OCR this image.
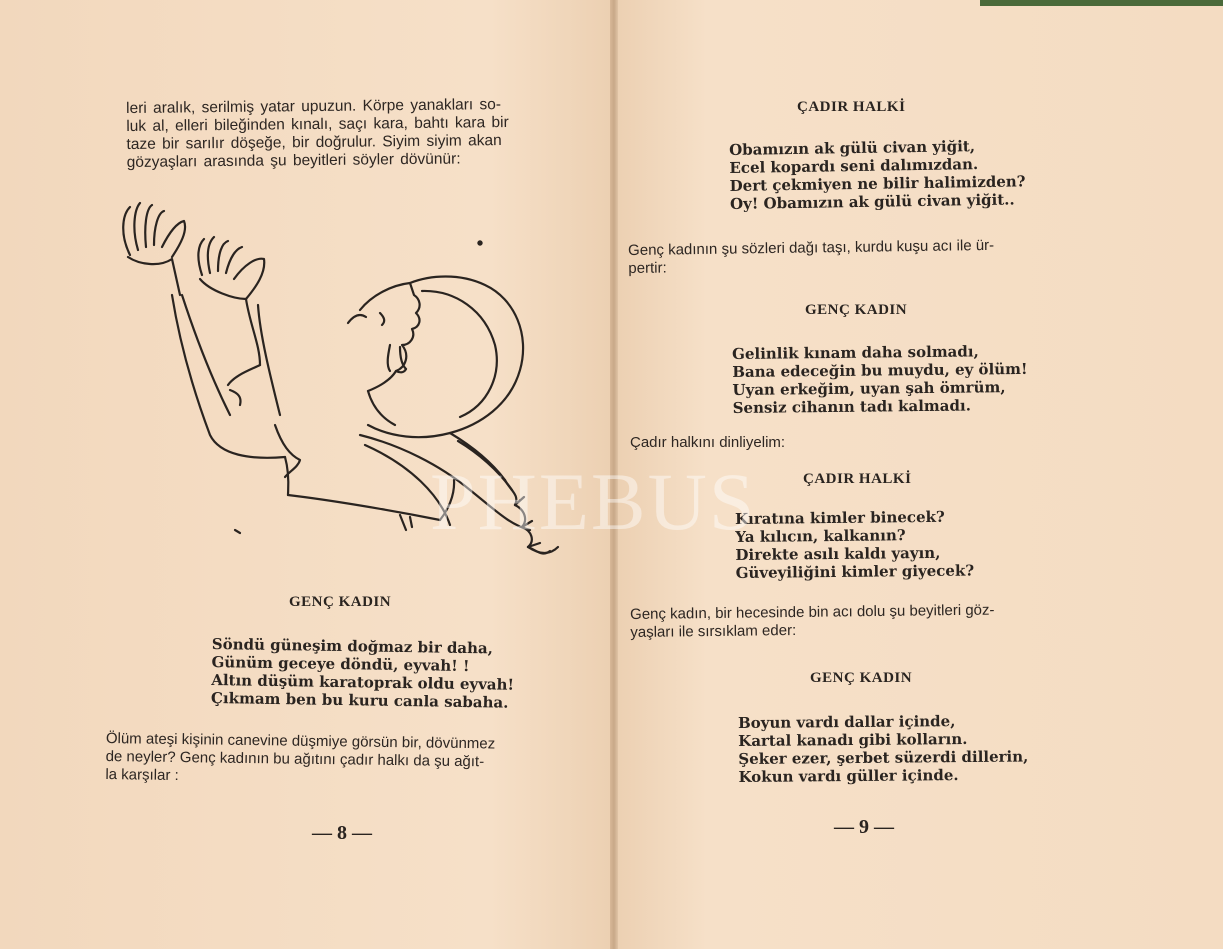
leri aralık, serilmiş yatar upuzun. Körpe yanakları so-
luk al, elleri bileğinden kınalı, saçı kara, bahtı kara bir
taze bir sarılır döşeğe, bir doğrulur. Siyim siyim akan
gözyaşları arasında şu beyitleri söyler dövünür:
GENÇ KADIN
Söndü güneşim doğmaz bir daha,
Günüm geceye döndü, eyvah! !
Altın düşüm karatoprak oldu eyvah!
Çıkmam ben bu kuru canla sabaha.
Ölüm ateşi kişinin canevine düşmiye görsün bir, dövünmez
de neyler? Genç kadının bu ağıtını çadır halkı da şu ağıt-
la karşılar :
— 8 —
ÇADIR HALKİ
Obamızın ak gülü civan yiğit,
Ecel kopardı seni dalımızdan.
Dert çekmiyen ne bilir halimizden?
Oy! Obamızın ak gülü civan yiğit..
Genç kadının şu sözleri dağı taşı, kurdu kuşu acı ile ür-
pertir:
GENÇ KADIN
Gelinlik kınam daha solmadı,
Bana edeceğin bu muydu, ey ölüm!
Uyan erkeğim, uyan şah ömrüm,
Sensiz cihanın tadı kalmadı.
Çadır halkını dinliyelim:
ÇADIR HALKİ
Kıratına kimler binecek?
Ya kılıcın, kalkanın?
Direkte asılı kaldı yayın,
Güveyiliğini kimler giyecek?
Genç kadın, bir hecesinde bin acı dolu şu beyitleri göz-
yaşları ile sırsıklam eder:
GENÇ KADIN
Boyun vardı dallar içinde,
Kartal kanadı gibi kolların.
Şeker ezer, şerbet süzerdi dillerin,
Kokun vardı güller içinde.
— 9 —
PHEBUS
